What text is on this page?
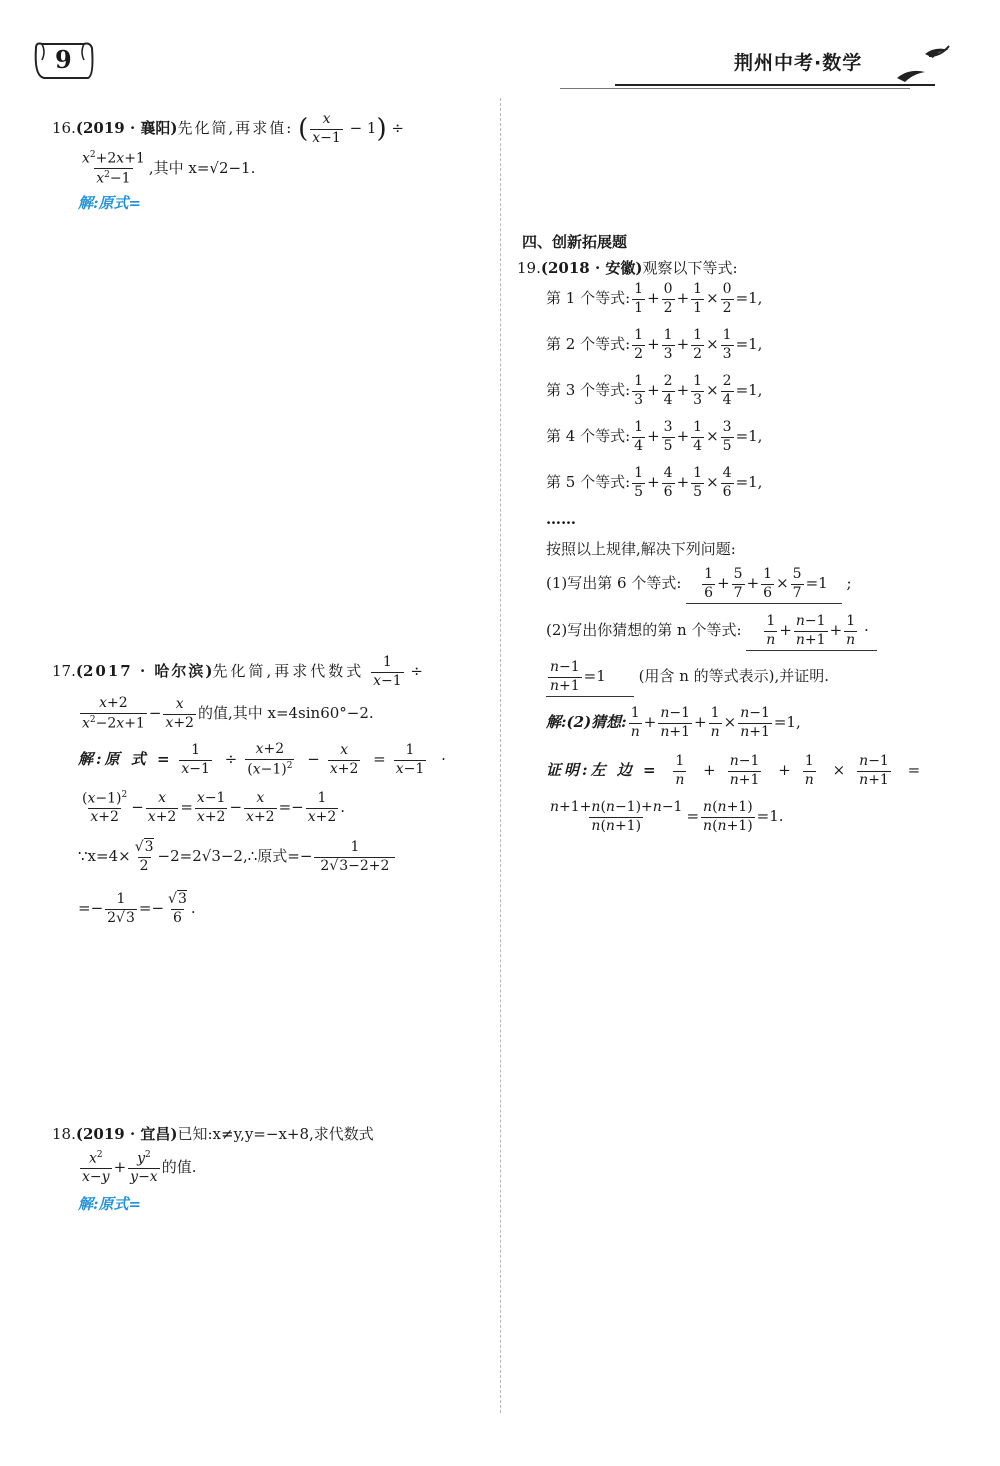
9	荆州中考·数学
16.(2019 · 襄阳)先化简,再求值: ( $\frac{x}{x-1} - 1$) ÷
$\frac{x^2+2x+1}{x^2-1}$ ,其中 x=√2−1.
解:原式=
四、创新拓展题
19.(2018 · 安徽)观察以下等式:
第 1 个等式: $\frac{1}{1} + \frac{0}{2} + \frac{1}{1} \times \frac{0}{2} =1$,
第 2 个等式: $\frac{1}{2} + \frac{1}{3} + \frac{1}{2} \times \frac{1}{3} =1$,
第 3 个等式: $\frac{1}{3} + \frac{2}{4} + \frac{1}{3} \times \frac{2}{4} =1$,
第 4 个等式: $\frac{1}{4} + \frac{3}{5} + \frac{1}{4} \times \frac{3}{5} =1$,
第 5 个等式: $\frac{1}{5} + \frac{4}{6} + \frac{1}{5} \times \frac{4}{6} =1$,
……
按照以上规律,解决下列问题:
(1)写出第 6 个等式: $\frac{1}{6} + \frac{5}{7} + \frac{1}{6} \times \frac{5}{7} =1$ ;
(2)写出你猜想的第 n 个等式: $\frac{1}{n} + \frac{n-1}{n+1} + \frac{1}{n}$ ·
$\frac{n-1}{n+1} =1$ (用含 n 的等式表示),并证明.
解:(2)猜想: $\frac{1}{n} + \frac{n-1}{n+1} + \frac{1}{n} \times \frac{n-1}{n+1} =1$,
证明:左 边 = $\frac{1}{n} + \frac{n-1}{n+1} + \frac{1}{n} \times \frac{n-1}{n+1}$ =
$\frac{n+1+n(n-1)+n-1}{n(n+1)} = \frac{n(n+1)}{n(n+1)} =1$.
17.(2017 · 哈尔滨)先化简,再求代数式 $\frac{1}{x-1}$ ÷
$\frac{x+2}{x^2-2x+1} - \frac{x}{x+2}$ 的值,其中 x=4sin60°−2.
解:原 式 = $\frac{1}{x-1} \div \frac{x+2}{(x-1)^2} - \frac{x}{x+2} = \frac{1}{x-1}$ ·
$\frac{(x-1)^2}{x+2} - \frac{x}{x+2} = \frac{x-1}{x+2} - \frac{x}{x+2} =- \frac{1}{x+2}$ .
∵x=4× $\frac{√3}{2}$ −2=2√3−2,∴原式=− $\frac{1}{2√3-2+2}$
=− $\frac{1}{2√3} =- \frac{√3}{6}$ .
18.(2019 · 宜昌)已知:x≠y,y=−x+8,求代数式
$\frac{x^2}{x-y} + \frac{y^2}{y-x}$ 的值.
解:原式=
